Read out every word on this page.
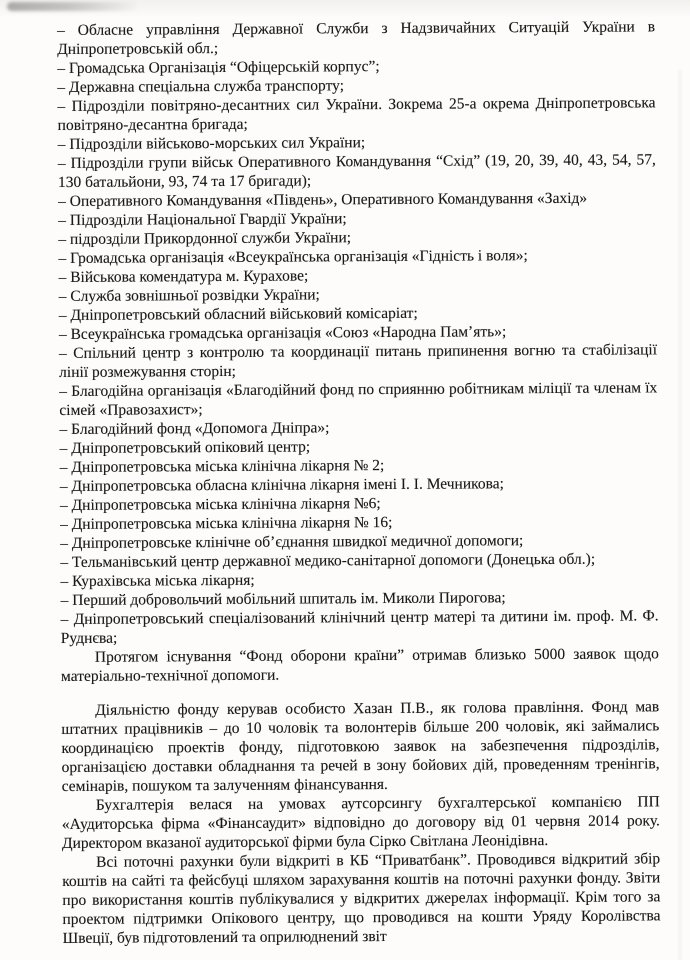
– Обласне управління Державної Служби з Надзвичайних Ситуацій України в Дніпропетровській обл.;
– Громадська Організація “Офіцерській корпус”;
– Державна спеціальна служба транспорту;
– Підрозділи повітряно-десантних сил України. Зокрема 25-а окрема Дніпропетровська повітряно-десантна бригада;
– Підрозділи військово-морських сил України;
– Підрозділи групи військ Оперативного Командування “Схід” (19, 20, 39, 40, 43, 54, 57, 130 батальйони, 93, 74 та 17 бригади);
– Оперативного Командування «Південь», Оперативного Командування «Захід»
– Підрозділи Національної Гвардії України;
– підрозділи Прикордонної служби України;
– Громадська організація «Всеукраїнська організація «Гідність і воля»;
– Військова комендатура м. Курахове;
– Служба зовнішньої розвідки України;
– Дніпропетровський обласний військовий комісаріат;
– Всеукраїнська громадська організація «Союз «Народна Пам’ять»;
– Спільний центр з контролю та координації питань припинення вогню та стабілізації лінії розмежування сторін;
– Благодійна організація «Благодійний фонд по сприянню робітникам міліції та членам їх сімей «Правозахист»;
– Благодійний фонд «Допомога Дніпра»;
– Дніпропетровський опіковий центр;
– Дніпропетровська міська клінічна лікарня № 2;
– Дніпропетровська обласна клінічна лікарня імені І. І. Мечникова;
– Дніпропетровська міська клінічна лікарня №6;
– Дніпропетровська міська клінічна лікарня № 16;
– Дніпропетровське клінічне об’єднання швидкої медичної допомоги;
– Тельманівський центр державної медико-санітарної допомоги (Донецька обл.);
– Курахівська міська лікарня;
– Перший добровольчий мобільний шпиталь ім. Миколи Пирогова;
– Дніпропетровський спеціалізований клінічний центр матері та дитини ім. проф. М. Ф. Руднєва;

Протягом існування “Фонд оборони країни” отримав близько 5000 заявок щодо матеріально-технічної допомоги.

Діяльністю фонду керував особисто Хазан П.В., як голова правління. Фонд мав штатних працівників – до 10 чоловік та волонтерів більше 200 чоловік, які займались координацією проектів фонду, підготовкою заявок на забезпечення підрозділів, організацією доставки обладнання та речей в зону бойових дій, проведенням тренінгів, семінарів, пошуком та залученням фінансування.

Бухгалтерія велася на умовах аутсорсингу бухгалтерської компанією ПП «Аудиторська фірма «Фінансаудит» відповідно до договору від 01 червня 2014 року. Директором вказаної аудиторської фірми була Сірко Світлана Леонідівна.

Всі поточні рахунки були відкриті в КБ “Приватбанк”. Проводився відкритий збір коштів на сайті та фейсбуці шляхом зарахування коштів на поточні рахунки фонду. Звіти про використання коштів публікувалися у відкритих джерелах інформації. Крім того за проектом підтримки Опікового центру, що проводився на кошти Уряду Королівства Швеції, був підготовлений та оприлюднений звіт
